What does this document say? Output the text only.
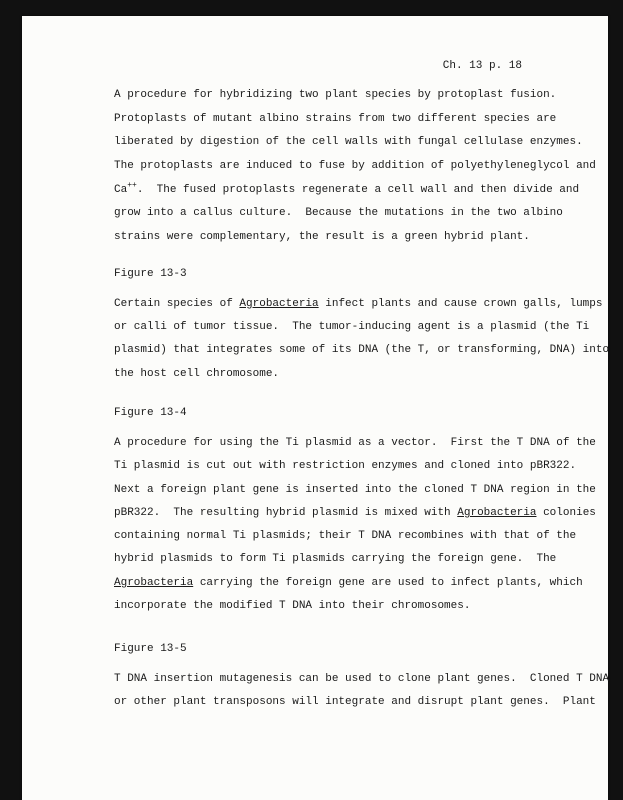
Ch. 13 p. 18
A procedure for hybridizing two plant species by protoplast fusion.
Protoplasts of mutant albino strains from two different species are
liberated by digestion of the cell walls with fungal cellulase enzymes.
The protoplasts are induced to fuse by addition of polyethyleneglycol and
Ca++.  The fused protoplasts regenerate a cell wall and then divide and
grow into a callus culture.  Because the mutations in the two albino
strains were complementary, the result is a green hybrid plant.
Figure 13-3
Certain species of Agrobacteria infect plants and cause crown galls, lumps
or calli of tumor tissue.  The tumor-inducing agent is a plasmid (the Ti
plasmid) that integrates some of its DNA (the T, or transforming, DNA) into
the host cell chromosome.
Figure 13-4
A procedure for using the Ti plasmid as a vector.  First the T DNA of the
Ti plasmid is cut out with restriction enzymes and cloned into pBR322.
Next a foreign plant gene is inserted into the cloned T DNA region in the
pBR322.  The resulting hybrid plasmid is mixed with Agrobacteria colonies
containing normal Ti plasmids; their T DNA recombines with that of the
hybrid plasmids to form Ti plasmids carrying the foreign gene.  The
Agrobacteria carrying the foreign gene are used to infect plants, which
incorporate the modified T DNA into their chromosomes.
Figure 13-5
T DNA insertion mutagenesis can be used to clone plant genes.  Cloned T DNA
or other plant transposons will integrate and disrupt plant genes.  Plant
